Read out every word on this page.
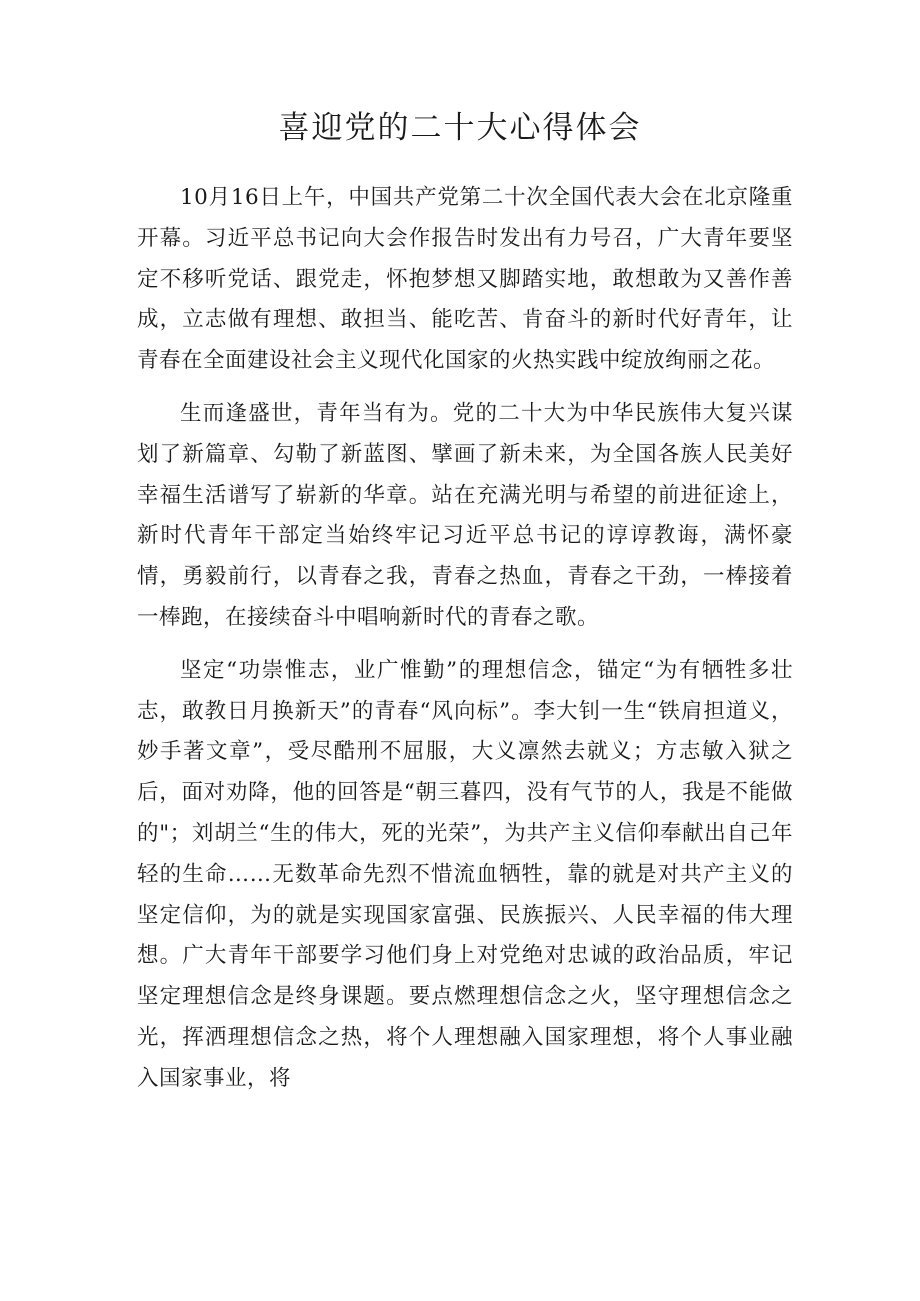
喜迎党的二十大心得体会

10月16日上午，中国共产党第二十次全国代表大会在北京隆重开幕。习近平总书记向大会作报告时发出有力号召，广大青年要坚定不移听党话、跟党走，怀抱梦想又脚踏实地，敢想敢为又善作善成，立志做有理想、敢担当、能吃苦、肯奋斗的新时代好青年，让青春在全面建设社会主义现代化国家的火热实践中绽放绚丽之花。

生而逢盛世，青年当有为。党的二十大为中华民族伟大复兴谋划了新篇章、勾勒了新蓝图、擘画了新未来，为全国各族人民美好幸福生活谱写了崭新的华章。站在充满光明与希望的前进征途上，新时代青年干部定当始终牢记习近平总书记的谆谆教诲，满怀豪情，勇毅前行，以青春之我，青春之热血，青春之干劲，一棒接着一棒跑，在接续奋斗中唱响新时代的青春之歌。

坚定“功崇惟志，业广惟勤”的理想信念，锚定“为有牺牲多壮志，敢教日月换新天”的青春“风向标”。李大钊一生“铁肩担道义，妙手著文章”，受尽酷刑不屈服，大义凛然去就义；方志敏入狱之后，面对劝降，他的回答是“朝三暮四，没有气节的人，我是不能做的"；刘胡兰“生的伟大，死的光荣”，为共产主义信仰奉献出自己年轻的生命……无数革命先烈不惜流血牺牲，靠的就是对共产主义的坚定信仰，为的就是实现国家富强、民族振兴、人民幸福的伟大理想。广大青年干部要学习他们身上对党绝对忠诚的政治品质，牢记坚定理想信念是终身课题。要点燃理想信念之火，坚守理想信念之光，挥洒理想信念之热，将个人理想融入国家理想，将个人事业融入国家事业，将
